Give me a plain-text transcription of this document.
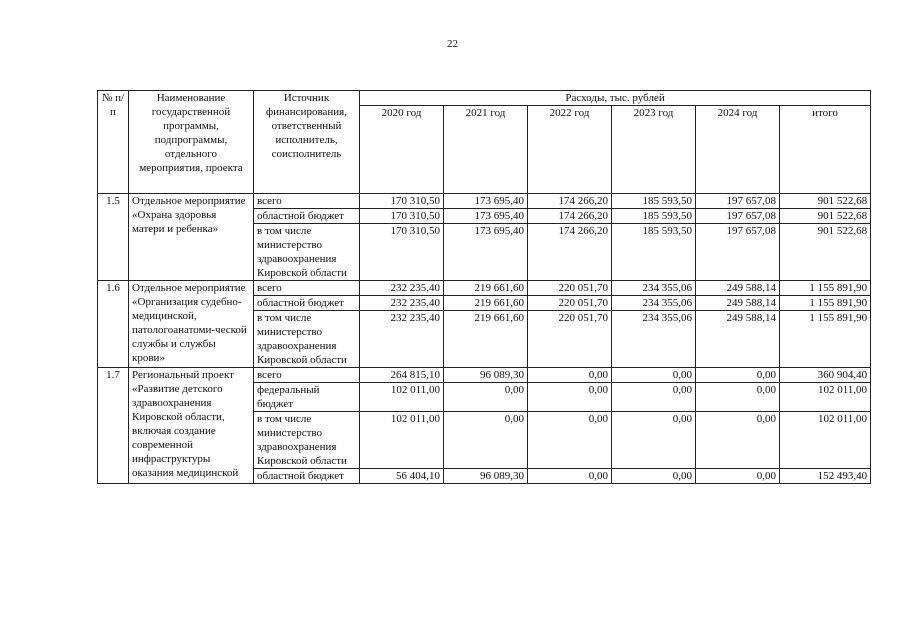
22
№ п/п	Наименование государственной программы, подпрограммы, отдельного мероприятия, проекта	Источник финансирования, ответственный исполнитель, соисполнитель	Расходы, тыс. рублей					
			2020 год	2021 год	2022 год	2023 год	2024 год	итого
1.5	Отдельное мероприятие «Охрана здоровья матери и ребенка»	всего	170 310,50	173 695,40	174 266,20	185 593,50	197 657,08	901 522,68
		областной бюджет	170 310,50	173 695,40	174 266,20	185 593,50	197 657,08	901 522,68
		в том числе министерство здравоохранения Кировской области	170 310,50	173 695,40	174 266,20	185 593,50	197 657,08	901 522,68
1.6	Отдельное мероприятие «Организация судебно-медицинской, патологоанатоми-ческой службы и службы крови»	всего	232 235,40	219 661,60	220 051,70	234 355,06	249 588,14	1 155 891,90
		областной бюджет	232 235,40	219 661,60	220 051,70	234 355,06	249 588,14	1 155 891,90
		в том числе министерство здравоохранения Кировской области	232 235,40	219 661,60	220 051,70	234 355,06	249 588,14	1 155 891,90
1.7	Региональный проект «Развитие детского здравоохранения Кировской области, включая создание современной инфраструктуры оказания медицинской	всего	264 815,10	96 089,30	0,00	0,00	0,00	360 904,40
		федеральный бюджет	102 011,00	0,00	0,00	0,00	0,00	102 011,00
		в том числе министерство здравоохранения Кировской области	102 011,00	0,00	0,00	0,00	0,00	102 011,00
		областной бюджет	56 404,10	96 089,30	0,00	0,00	0,00	152 493,40
